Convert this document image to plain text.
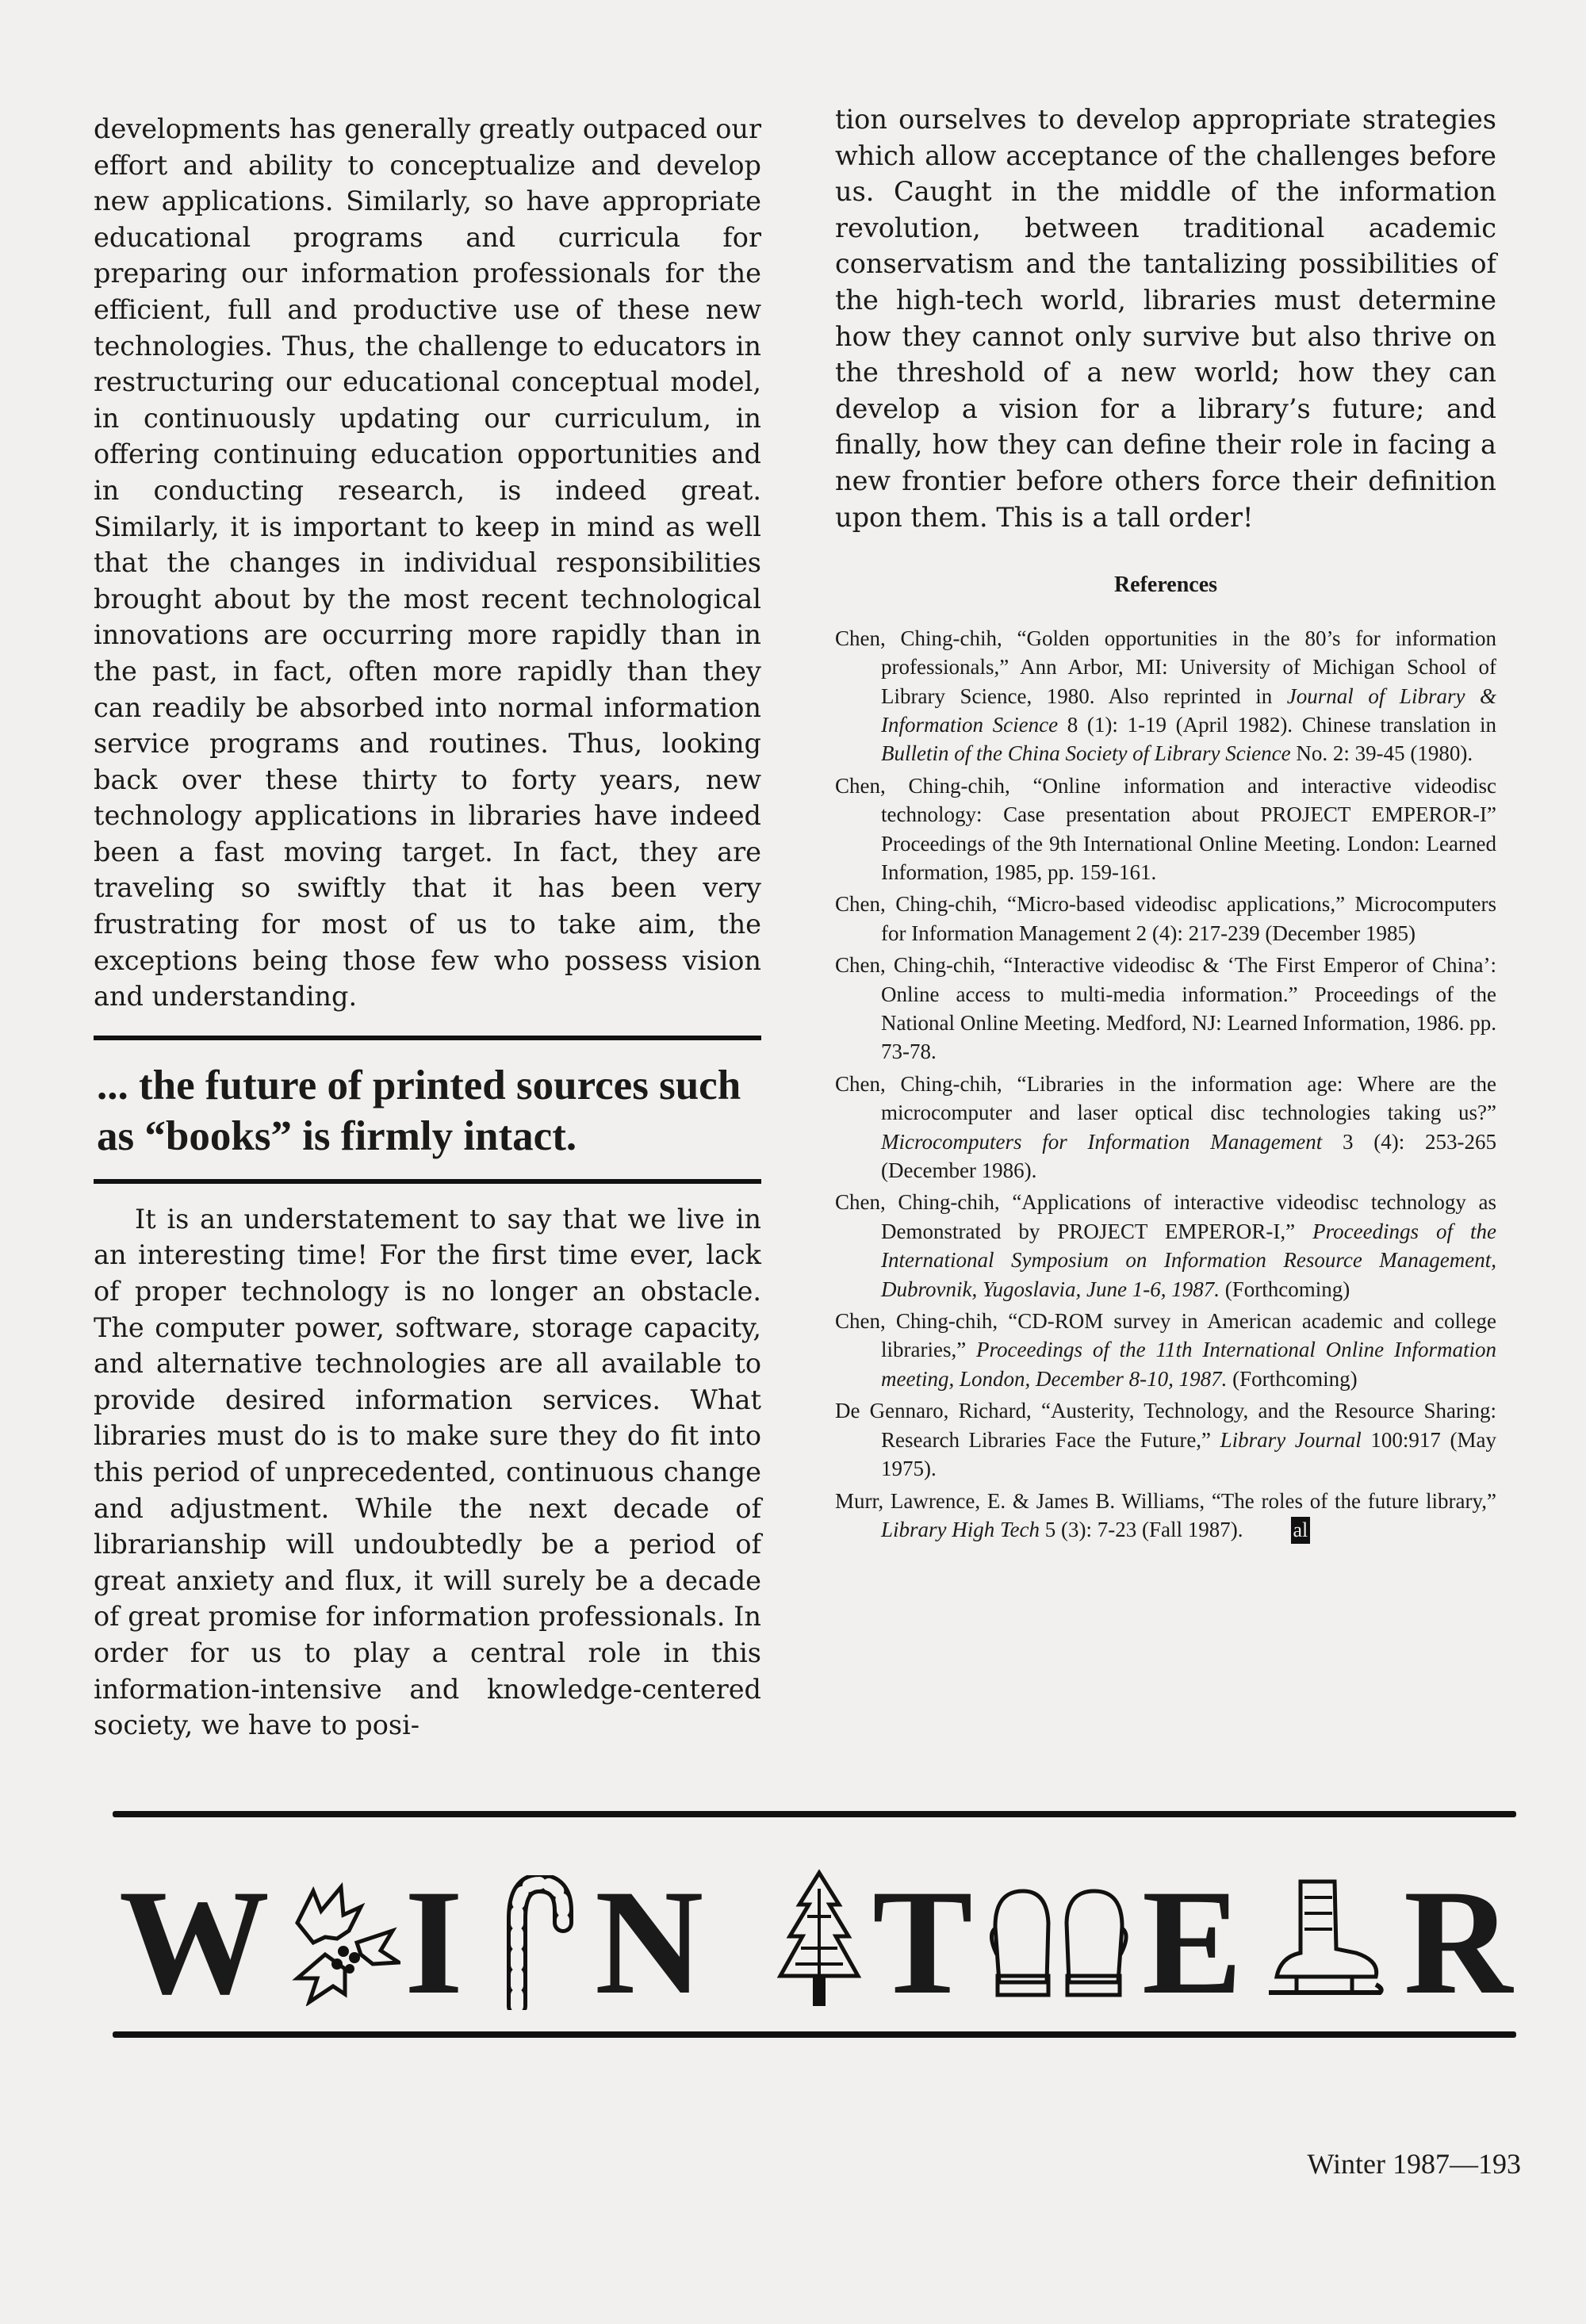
developments has generally greatly outpaced our effort and ability to conceptualize and develop new applications. Similarly, so have appropriate educational programs and curricula for preparing our information professionals for the efficient, full and productive use of these new technologies. Thus, the challenge to educators in restructuring our educational conceptual model, in continuously updating our curriculum, in offering continuing education opportunities and in conducting research, is indeed great. Similarly, it is important to keep in mind as well that the changes in individual responsibilities brought about by the most recent technological innovations are occurring more rapidly than in the past, in fact, often more rapidly than they can readily be absorbed into normal information service programs and routines. Thus, looking back over these thirty to forty years, new technology applications in libraries have indeed been a fast moving target. In fact, they are traveling so swiftly that it has been very frustrating for most of us to take aim, the exceptions being those few who possess vision and understanding.

... the future of printed sources such as “books” is firmly intact.

It is an understatement to say that we live in an interesting time! For the first time ever, lack of proper technology is no longer an obstacle. The computer power, software, storage capacity, and alternative technologies are all available to provide desired information services. What libraries must do is to make sure they do fit into this period of unprecedented, continuous change and adjustment. While the next decade of librarianship will undoubtedly be a period of great anxiety and flux, it will surely be a decade of great promise for information professionals. In order for us to play a central role in this information-intensive and knowledge-centered society, we have to posi-

tion ourselves to develop appropriate strategies which allow acceptance of the challenges before us. Caught in the middle of the information revolution, between traditional academic conservatism and the tantalizing possibilities of the high-tech world, libraries must determine how they cannot only survive but also thrive on the threshold of a new world; how they can develop a vision for a library’s future; and finally, how they can define their role in facing a new frontier before others force their definition upon them. This is a tall order!

References

Chen, Ching-chih, “Golden opportunities in the 80’s for information professionals,” Ann Arbor, MI: University of Michigan School of Library Science, 1980. Also reprinted in Journal of Library & Information Science 8 (1): 1-19 (April 1982). Chinese translation in Bulletin of the China Society of Library Science No. 2: 39-45 (1980).

Chen, Ching-chih, “Online information and interactive videodisc technology: Case presentation about PROJECT EMPEROR-I” Proceedings of the 9th International Online Meeting. London: Learned Information, 1985, pp. 159-161.

Chen, Ching-chih, “Micro-based videodisc applications,” Microcomputers for Information Management 2 (4): 217-239 (December 1985)

Chen, Ching-chih, “Interactive videodisc & ‘The First Emperor of China’: Online access to multi-media information.” Proceedings of the National Online Meeting. Medford, NJ: Learned Information, 1986. pp. 73-78.

Chen, Ching-chih, “Libraries in the information age: Where are the microcomputer and laser optical disc technologies taking us?” Microcomputers for Information Management 3 (4): 253-265 (December 1986).

Chen, Ching-chih, “Applications of interactive videodisc technology as Demonstrated by PROJECT EMPEROR-I,” Proceedings of the International Symposium on Information Resource Management, Dubrovnik, Yugoslavia, June 1-6, 1987. (Forthcoming)

Chen, Ching-chih, “CD-ROM survey in American academic and college libraries,” Proceedings of the 11th International Online Information meeting, London, December 8-10, 1987. (Forthcoming)

De Gennaro, Richard, “Austerity, Technology, and the Resource Sharing: Research Libraries Face the Future,” Library Journal 100:917 (May 1975).

Murr, Lawrence, E. & James B. Williams, “The roles of the future library,” Library High Tech 5 (3): 7-23 (Fall 1987). al

W I N T E R
Winter 1987—193
